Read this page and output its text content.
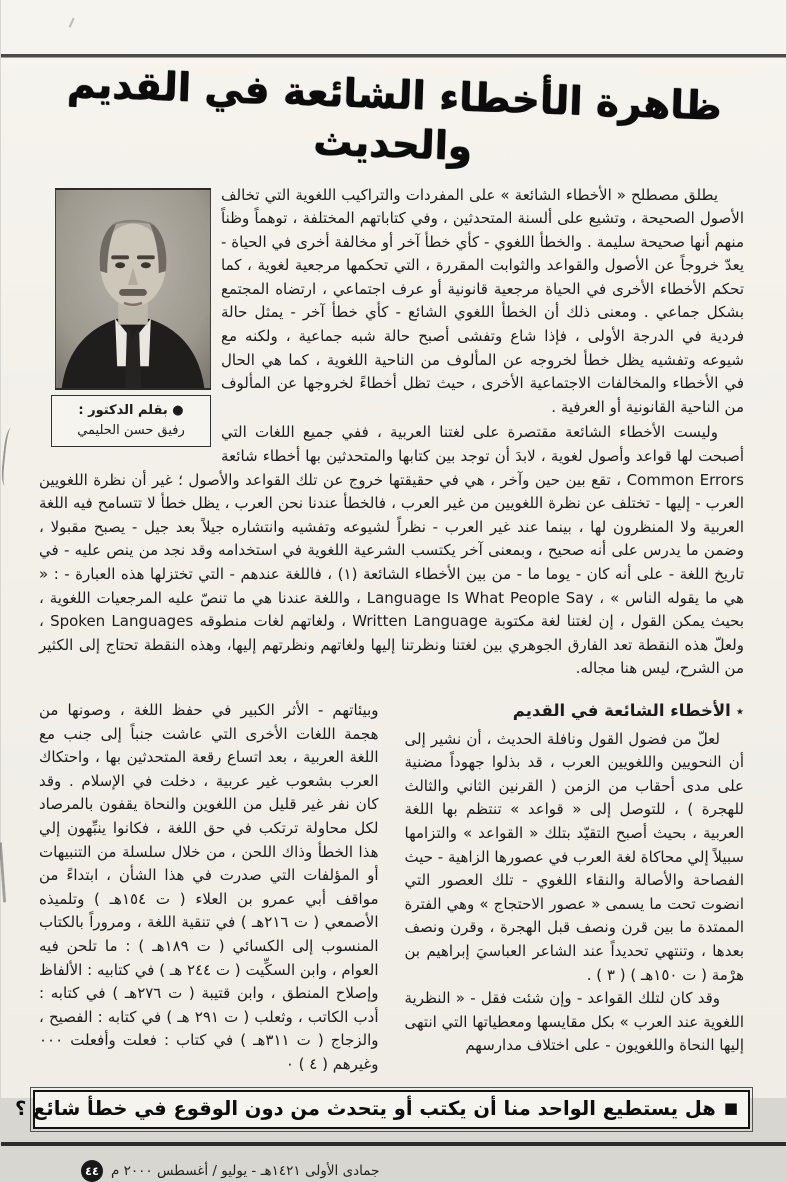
ظاهرة الأخطاء الشائعة في القديم والحديث
● بقلم الدكتور :
رفيق حسن الحليمي

يطلق مصطلح « الأخطاء الشائعة » على المفردات والتراكيب اللغوية التي تخالف الأصول الصحيحة ، وتشيع على ألسنة المتحدثين ، وفي كتاباتهم المختلفة ، توهماً وظناً منهم أنها صحيحة سليمة . والخطأ اللغوي - كأي خطأ آخر أو مخالفة أخرى في الحياة - يعدّ خروجاً عن الأصول والقواعد والثوابت المقررة ، التي تحكمها مرجعية لغوية ، كما تحكم الأخطاء الأخرى في الحياة مرجعية قانونية أو عرف اجتماعي ، ارتضاه المجتمع بشكل جماعي . ومعنى ذلك أن الخطأ اللغوي الشائع - كأي خطأ آخر - يمثل حالة فردية في الدرجة الأولى ، فإذا شاع وتفشى أصبح حالة شبه جماعية ، ولكنه مع شيوعه وتفشيه يظل خطأ لخروجه عن المألوف من الناحية اللغوية ، كما هي الحال في الأخطاء والمخالفات الاجتماعية الأخرى ، حيث تظل أخطاءً لخروجها عن المألوف من الناحية القانونية أو العرفية .

وليست الأخطاء الشائعة مقتصرة على لغتنا العربية ، ففي جميع اللغات التي أصبحت لها قواعد وأصول لغوية ، لابدَ أن توجد بين كتابها والمتحدثين بها أخطاء شائعة Common Errors ، تقع بين حين وآخر ، هي في حقيقتها خروج عن تلك القواعد والأصول ؛ غير أن نظرة اللغويين العرب - إليها - تختلف عن نظرة اللغويين من غير العرب ، فالخطأ عندنا نحن العرب ، يظل خطأ لا تتسامح فيه اللغة العربية ولا المنظرون لها ، بينما عند غير العرب - نظراً لشيوعه وتفشيه وانتشاره جيلاً بعد جيل - يصبح مقبولا ، وضمن ما يدرس على أنه صحيح ، وبمعنى آخر يكتسب الشرعية اللغوية في استخدامه وقد نجد من ينص عليه - في تاريخ اللغة - على أنه كان - يوما ما - من بين الأخطاء الشائعة (١) ، فاللغة عندهم - التي تختزلها هذه العبارة - : « هي ما يقوله الناس » ، Language Is What People Say ، واللغة عندنا هي ما تنصّ عليه المرجعيات اللغوية ، بحيث يمكن القول ، إن لغتنا لغة مكتوبة Written Language ، ولغاتهم لغات منطوقه Spoken Languages ، ولعلّ هذه النقطة تعد الفارق الجوهري بين لغتنا ونظرتنا إليها ولغاتهم ونظرتهم إليها، وهذه النقطة تحتاج إلى الكثير من الشرح، ليس هنا مجاله.

٭الأخطاء الشائعة في القديم

لعلّ من فضول القول ونافلة الحديث ، أن نشير إلى أن النحويين واللغويين العرب ، قد بذلوا جهوداً مضنية على مدى أحقاب من الزمن ( القرنين الثاني والثالث للهجرة ) ، للتوصل إلى « قواعد » تنتظم بها اللغة العربية ، بحيث أصبح التقيّد بتلك « القواعد » والتزامها سبيلاً إلي محاكاة لغة العرب في عصورها الزاهية - حيث الفصاحة والأصالة والنقاء اللغوي - تلك العصور التي انضوت تحت ما يسمى « عصور الاحتجاج » وهي الفترة الممتدة ما بين قرن ونصف قبل الهجرة ، وقرن ونصف بعدها ، وتنتهي تحديداً عند الشاعر العباسيَ إبراهيم بن هرْمة ( ت ١٥٠هـ ) ( ٣ ) .

وقد كان لتلك القواعد - وإن شئت فقل - « النظرية اللغوية عند العرب » بكل مقايسها ومعطياتها التي انتهى إليها النحاة واللغويون - على اختلاف مدارسهم

وبيئاتهم - الأثر الكبير في حفظ اللغة ، وصونها من هجمة اللغات الأخرى التي عاشت جنباً إلى جنب مع اللغة العربية ، بعد اتساع رقعة المتحدثين بها ، واحتكاك العرب بشعوب غير عربية ، دخلت في الإسلام . وقد كان نفر غير قليل من اللغوين والنحاة يقفون بالمرصاد لكل محاولة ترتكب في حق اللغة ، فكانوا ينبِّهون إلي هذا الخطأ وذاك اللحن ، من خلال سلسلة من التنبيهات أو المؤلفات التي صدرت في هذا الشأن ، ابتداءً من مواقف أبي عمرو بن العلاء ( ت ١٥٤هـ ) وتلميذه الأصمعي ( ت ٢١٦هـ ) في تنقية اللغة ، ومروراً بالكتاب المنسوب إلى الكسائي ( ت ١٨٩هـ ) : ما تلحن فيه العوام ، وابن السكِّيت ( ت ٢٤٤ هـ ) في كتابيه : الألفاظ وإصلاح المنطق ، وابن قتيبة ( ت ٢٧٦هـ ) في كتابه : أدب الكاتب ، وثعلب ( ت ٢٩١ هـ ) في كتابه : الفصيح ، والزجاج ( ت ٣١١هـ ) في كتاب : فعلت وأفعلت ٠٠٠ وغيرهم ( ٤ ) ٠

■هل يستطيع الواحد منا أن يكتب أو يتحدث من دون الوقوع في خطأ شائع ؟
جمادى الأولى ١٤٢١هـ - يوليو / أغسطس ٢٠٠٠ م
٤٤
